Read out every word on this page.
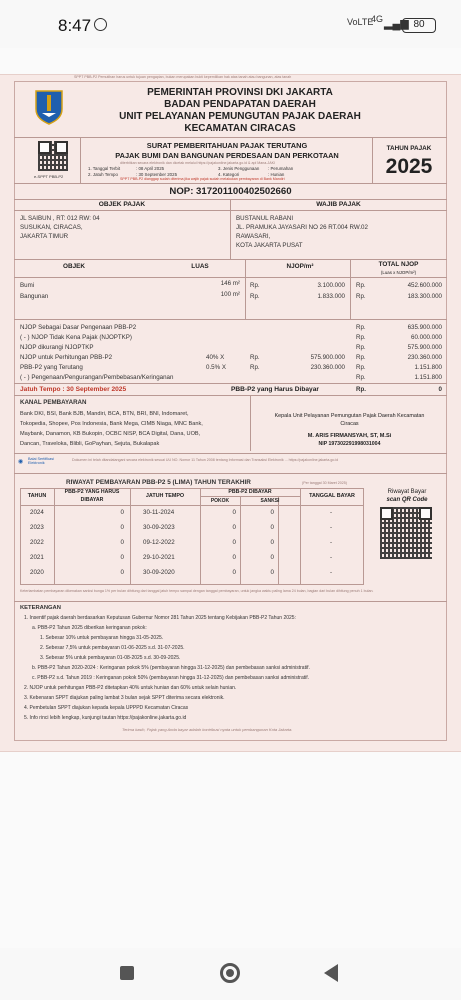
8:47	VoLTE
4G ▂▄▆ 80
SPPT PBB-P2 Pemutihan harus untuk tujuan pengapian, bukan merupakan bukti kepemilikan hak atas tanah atau bangunan, atas tanah
PEMERINTAH PROVINSI DKI JAKARTA
BADAN PENDAPATAN DAERAH
UNIT PELAYANAN PEMUNGUTAN PAJAK DAERAH
KECAMATAN CIRACAS
e-SPPT PBB-P2
SURAT PEMBERITAHUAN PAJAK TERUTANG
PAJAK BUMI DAN BANGUNAN PERDESAAN DAN PERKOTAAN
diterbitkan secara elektronik dan dicetak melalui https://pajakonline.jakarta.go.id & apl Mana-JAKI
1. Tanggal Terbit	: 08 April 2025
2. Jatuh Tempo	: 30 September 2025
3. Jenis Penggunaan : Perumahan
4. Kategori	: Hunian
SPPT PBB-P2 dianggap sudah diterima jika wajib pajak sudah melakukan pembayaran di Bank Mandiri
TAHUN PAJAK
2025
NOP: 317201100402502660
OBJEK PAJAK	WAJIB PAJAK
JL SAIBUN , RT: 012 RW: 04
SUSUKAN, CIRACAS,
JAKARTA TIMUR
BUSTANUL RABANI
JL. PRAMUKA JAYASARI NO 26 RT.004 RW.02
RAWASARI,
KOTA JAKARTA PUSAT
OBJEK	LUAS	NJOP/m²	TOTAL NJOP
(Luas x NJOP/m²)
Bumi	146 m² Rp.	3.100.000 Rp.	452.600.000
Bangunan	100 m² Rp.	1.833.000 Rp.	183.300.000
NJOP Sebagai Dasar Pengenaan PBB-P2	Rp.	635.900.000
( - ) NJOP Tidak Kena Pajak (NJOPTKP)	Rp.	60.000.000
NJOP dikurangi NJOPTKP	Rp.	575.900.000
NJOP untuk Perhitungan PBB-P2	40% X	Rp.	575.900.000 Rp.	230.360.000
PBB-P2 yang Terutang	0.5% X	Rp.	230.360.000 Rp.	1.151.800
( - ) Pengenaan/Pengurangan/Pembebasan/Keringanan	Rp.	1.151.800
Jatuh Tempo : 30 September 2025	PBB-P2 yang Harus Dibayar	Rp.	0
KANAL PEMBAYARAN
Bank DKI, BSI, Bank BJB, Mandiri, BCA, BTN, BRI, BNI, Indomaret,
Tokopedia, Shopee, Pos Indonesia, Bank Mega, CIMB Niaga, MNC Bank,
Maybank, Danamon, KB Bukopin, OCBC NISP, BCA Digital, Dana, UOB,
Dancan, Traveloka, Blibli, GoPayhan, Sejuta, Bukalapak
Kepala Unit Pelayanan Pemungutan Pajak Daerah Kecamatan
Ciracas
M. ARIS FIRMANSYAH, ST, M.Si
NIP 197302291998031004
◉ Balai Sertifikasi Elektronik
Dokumen ini telah ditandatangani secara elektronik sesuai UU NO. Nomor 11 Tahun 2008 tentang Informasi dan Transaksi Elektronik ... https://pajakonline.jakarta.go.id
RIWAYAT PEMBAYARAN PBB-P2 5 (LIMA) TAHUN TERAKHIR	(Per tanggal 30 Maret 2025)
Riwayat Bayar
scan QR Code
TAHUN
PBB-P2 YANG HARUS DIBAYAR
JATUH TEMPO
PBB-P2 DIBAYAR
POKOK	SANKSI
TANGGAL BAYAR
2024	0	30-11-2024	0	0	-
2023	0	30-09-2023	0	0	-
2022	0	09-12-2022	0	0	-
2021	0	29-10-2021	0	0	-
2020	0	30-09-2020	0	0	-
Keterlambatan pembayaran dikenakan sanksi bunga 1% per bulan dihitung dari tanggal jatuh tempo sampai dengan tanggal pembayaran, untuk jangka waktu paling lama 24 bulan, bagian dari bulan dihitung penuh 1 bulan.
KETERANGAN
1. Insentif pajak daerah berdasarkan Keputusan Gubernur Nomor 281 Tahun 2025 tentang Kebijakan PBB-P2 Tahun 2025:
a. PBB-P2 Tahun 2025 diberikan keringanan pokok:
1. Sebesar 10% untuk pembayaran hingga 31-05-2025.
2. Sebesar 7,5% untuk pembayaran 01-06-2025 s.d. 31-07-2025.
3. Sebesar 5% untuk pembayaran 01-08-2025 s.d. 30-09-2025.
b. PBB-P2 Tahun 2020-2024 : Keringanan pokok 5% (pembayaran hingga 31-12-2025) dan pembebasan sanksi administratif.
c. PBB-P2 s.d. Tahun 2019 : Keringanan pokok 50% (pembayaran hingga 31-12-2025) dan pembebasan sanksi administratif.
2. NJOP untuk perhitungan PBB-P2 ditetapkan 40% untuk hunian dan 60% untuk selain hunian.
3. Kebenaran SPPT diajukan paling lambat 3 bulan sejak SPPT diterima secara elektronik.
4. Pembetulan SPPT diajukan kepada kepala UPPPD Kecamatan Ciracas
5. Info rinci lebih lengkap, kunjungi tautan https://pajakonline.jakarta.go.id
Terima kasih, Pajak yang Anda bayar adalah kontribusi nyata untuk pembangunan Kota Jakarta.
